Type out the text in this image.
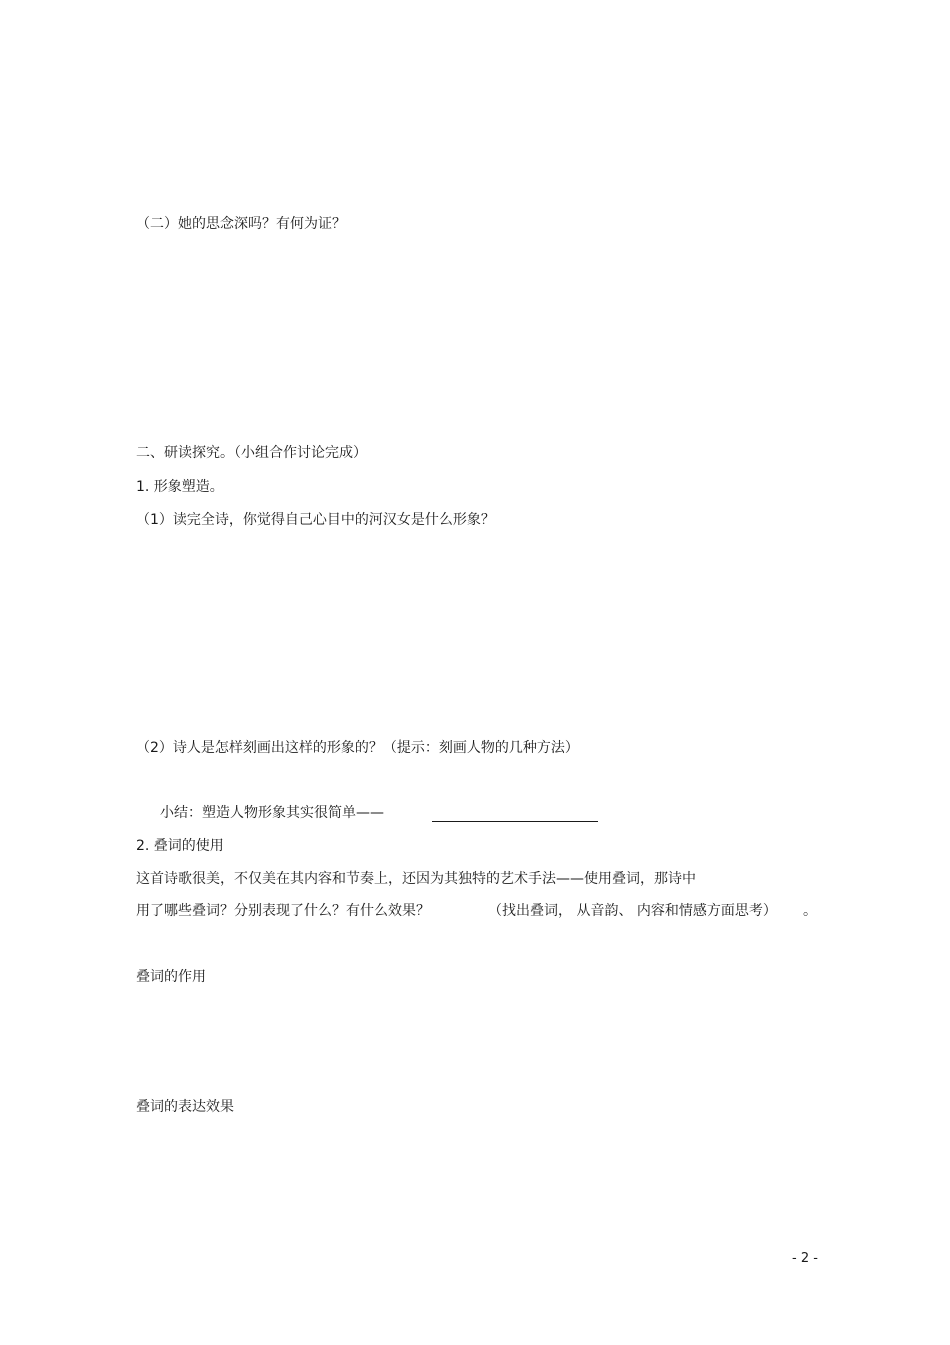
（二）她的思念深吗？有何为证？
二、研读探究。（小组合作讨论完成）
1. 形象塑造。
（1）读完全诗，你觉得自己心目中的河汉女是什么形象？
（2）诗人是怎样刻画出这样的形象的？（提示：刻画人物的几种方法）
小结：塑造人物形象其实很简单——
2. 叠词的使用
这首诗歌很美，不仅美在其内容和节奏上，还因为其独特的艺术手法——使用叠词，那诗中
用了哪些叠词？分别表现了什么？有什么效果？	（找出叠词， 从音韵、 内容和情感方面思考） 。
叠词的作用
叠词的表达效果
- 2 -
